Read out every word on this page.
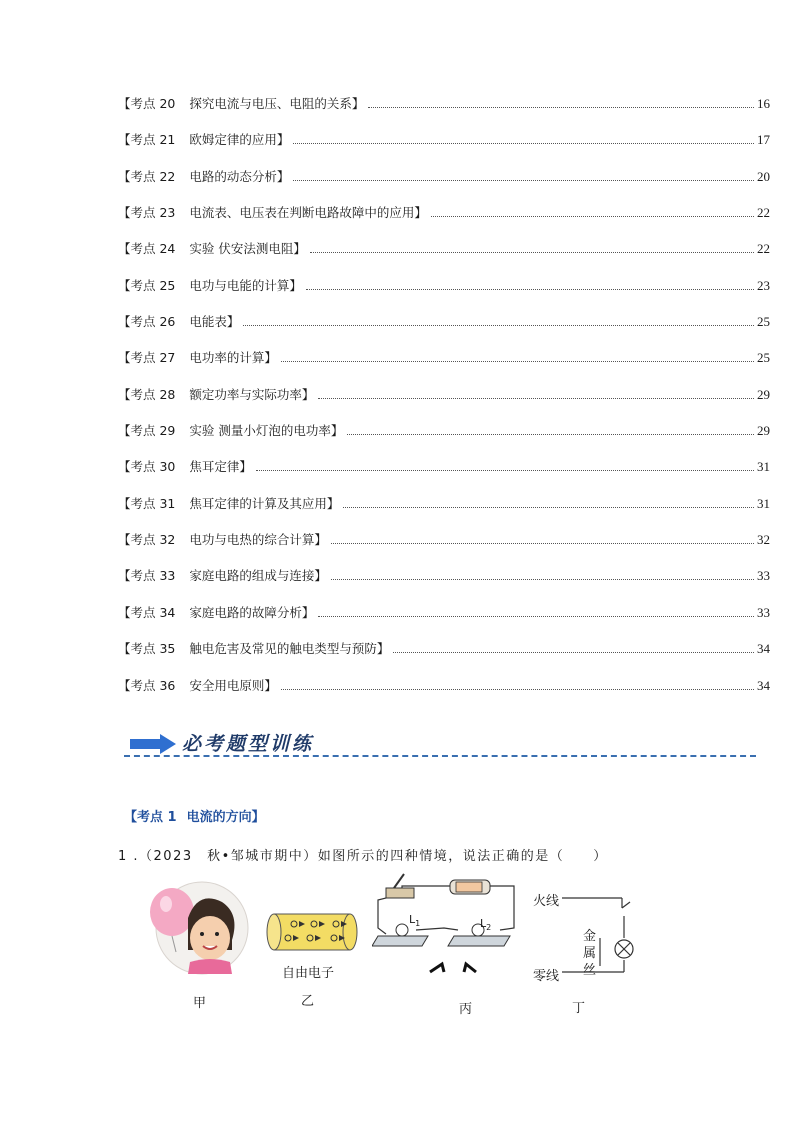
【考点 20 探究电流与电压、电阻的关系】	16
【考点 21 欧姆定律的应用】	17
【考点 22 电路的动态分析】	20
【考点 23 电流表、电压表在判断电路故障中的应用】	22
【考点 24 实验 伏安法测电阻】	22
【考点 25 电功与电能的计算】	23
【考点 26 电能表】	25
【考点 27 电功率的计算】	25
【考点 28 额定功率与实际功率】	29
【考点 29 实验 测量小灯泡的电功率】	29
【考点 30 焦耳定律】	31
【考点 31 焦耳定律的计算及其应用】	31
【考点 32 电功与电热的综合计算】	32
【考点 33 家庭电路的组成与连接】	33
【考点 34 家庭电路的故障分析】	33
【考点 35 触电危害及常见的触电类型与预防】	34
【考点 36 安全用电原则】	34
必考题型训练
【考点 1 电流的方向】
1 .（2023　秋•邹城市期中）如图所示的四种情境，说法正确的是（　　）
甲
自由电子
乙
$L_1$	$L_2$
丙
火线
金
属
丝
零线
丁
